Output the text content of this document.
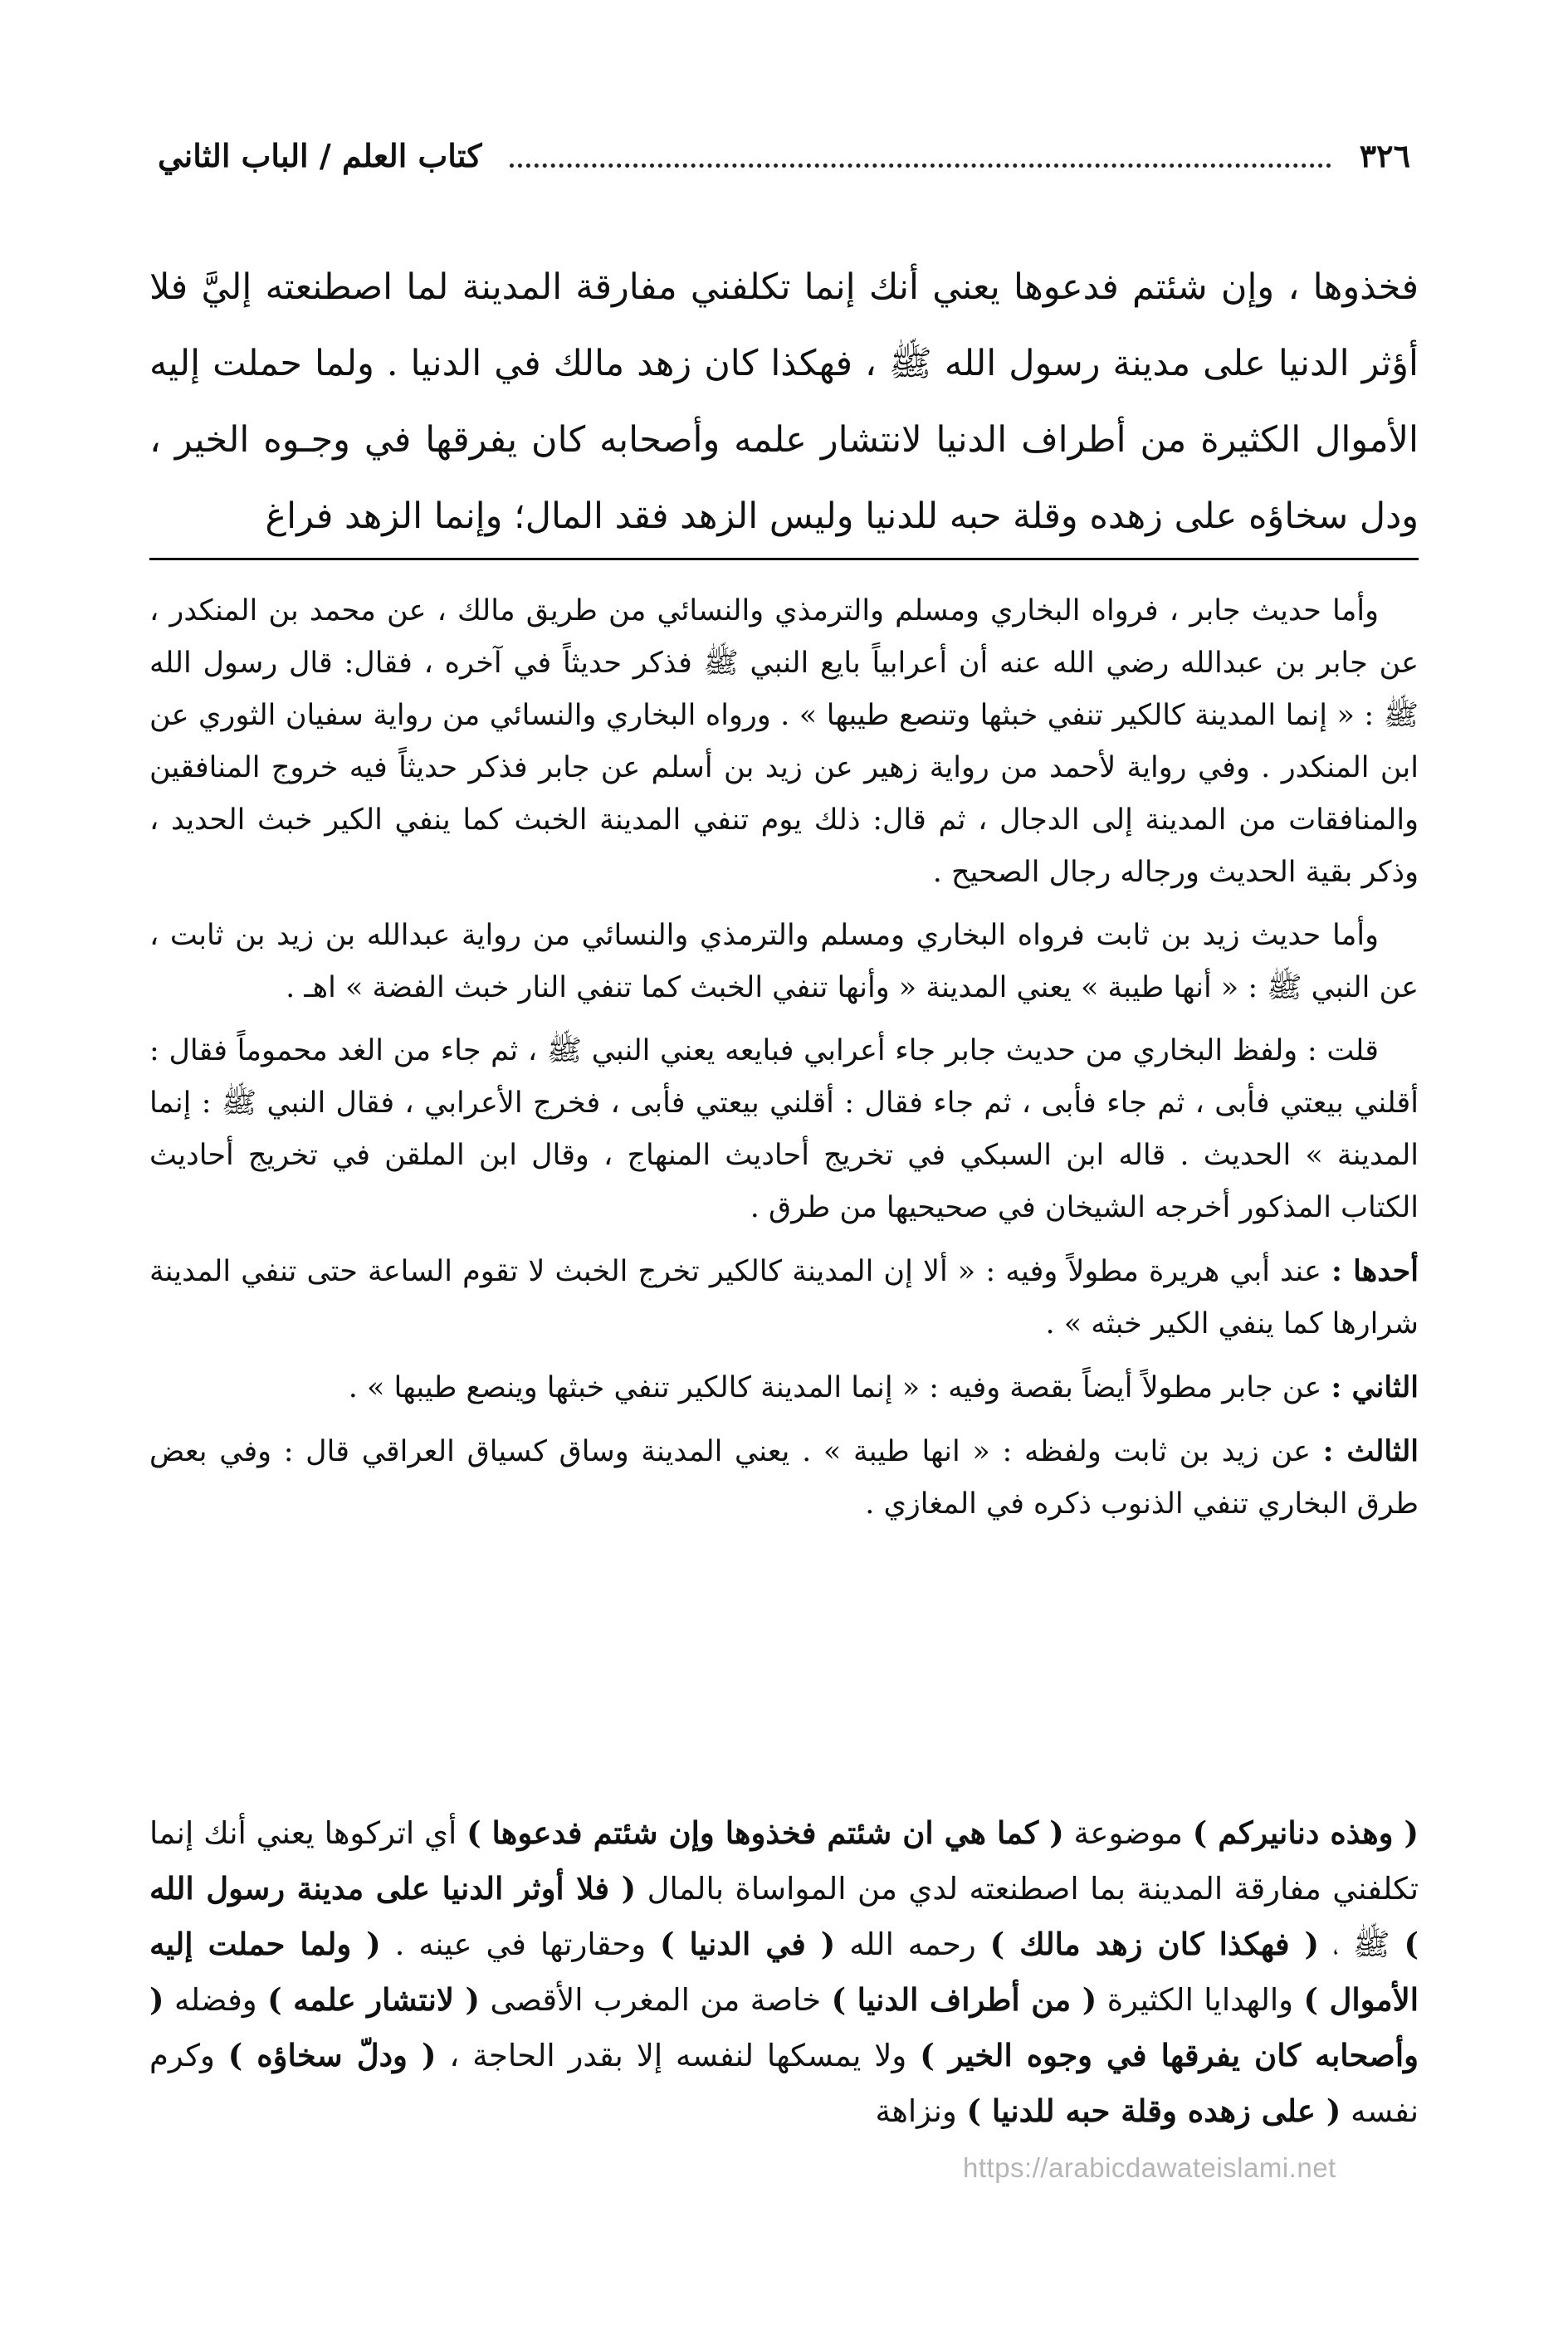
٣٢٦
كتاب العلم / الباب الثاني

فخذوها ، وإن شئتم فدعوها يعني أنك إنما تكلفني مفارقة المدينة لما اصطنعته إليَّ فلا أؤثر الدنيا على مدينة رسول الله ﷺ ، فهكذا كان زهد مالك في الدنيا . ولما حملت إليه الأموال الكثيرة من أطراف الدنيا لانتشار علمه وأصحابه كان يفرقها في وجـوه الخير ، ودل سخاؤه على زهده وقلة حبه للدنيا وليس الزهد فقد المال؛ وإنما الزهد فراغ

وأما حديث جابر ، فرواه البخاري ومسلم والترمذي والنسائي من طريق مالك ، عن محمد بن المنكدر ، عن جابر بن عبدالله رضي الله عنه أن أعرابياً بايع النبي ﷺ فذكر حديثاً في آخره ، فقال: قال رسول الله ﷺ : « إنما المدينة كالكير تنفي خبثها وتنصع طيبها » . ورواه البخاري والنسائي من رواية سفيان الثوري عن ابن المنكدر . وفي رواية لأحمد من رواية زهير عن زيد بن أسلم عن جابر فذكر حديثاً فيه خروج المنافقين والمنافقات من المدينة إلى الدجال ، ثم قال: ذلك يوم تنفي المدينة الخبث كما ينفي الكير خبث الحديد ، وذكر بقية الحديث ورجاله رجال الصحيح .

وأما حديث زيد بن ثابت فرواه البخاري ومسلم والترمذي والنسائي من رواية عبدالله بن زيد بن ثابت ، عن النبي ﷺ : « أنها طيبة » يعني المدينة « وأنها تنفي الخبث كما تنفي النار خبث الفضة » اهـ .

قلت : ولفظ البخاري من حديث جابر جاء أعرابي فبايعه يعني النبي ﷺ ، ثم جاء من الغد محموماً فقال : أقلني بيعتي فأبى ، ثم جاء فأبى ، ثم جاء فقال : أقلني بيعتي فأبى ، فخرج الأعرابي ، فقال النبي ﷺ : إنما المدينة » الحديث . قاله ابن السبكي في تخريج أحاديث المنهاج ، وقال ابن الملقن في تخريج أحاديث الكتاب المذكور أخرجه الشيخان في صحيحيها من طرق .

أحدها : عند أبي هريرة مطولاً وفيه : « ألا إن المدينة كالكير تخرج الخبث لا تقوم الساعة حتى تنفي المدينة شرارها كما ينفي الكير خبثه » .

الثاني : عن جابر مطولاً أيضاً بقصة وفيه : « إنما المدينة كالكير تنفي خبثها وينصع طيبها » .

الثالث : عن زيد بن ثابت ولفظه : « انها طيبة » . يعني المدينة وساق كسياق العراقي قال : وفي بعض طرق البخاري تنفي الذنوب ذكره في المغازي .

( وهذه دنانيركم ) موضوعة ( كما هي ان شئتم فخذوها وإن شئتم فدعوها ) أي اتركوها يعني أنك إنما تكلفني مفارقة المدينة بما اصطنعته لدي من المواساة بالمال ( فلا أوثر الدنيا على مدينة رسول الله ) ﷺ ، ( فهكذا كان زهد مالك ) رحمه الله ( في الدنيا ) وحقارتها في عينه . ( ولما حملت إليه الأموال ) والهدايا الكثيرة ( من أطراف الدنيا ) خاصة من المغرب الأقصى ( لانتشار علمه ) وفضله ( وأصحابه كان يفرقها في وجوه الخير ) ولا يمسكها لنفسه إلا بقدر الحاجة ، ( ودلّ سخاؤه ) وكرم نفسه ( على زهده وقلة حبه للدنيا ) ونزاهة

https://arabicdawateislami.net
